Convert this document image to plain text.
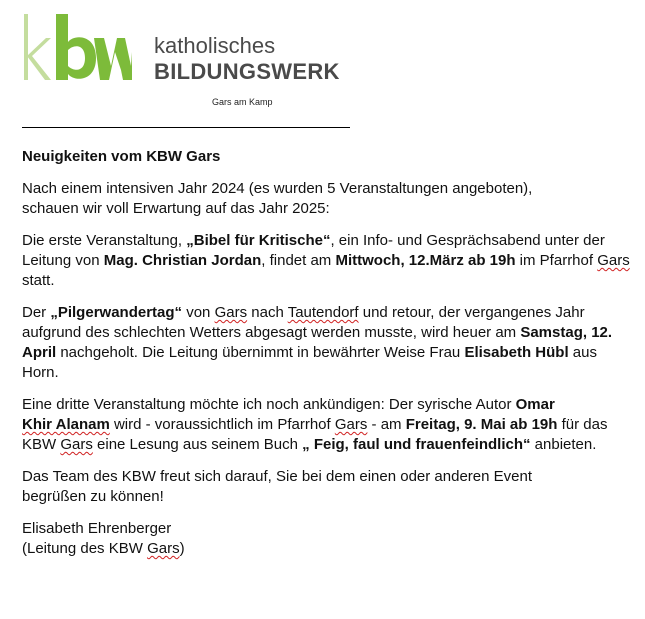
katholisches
BILDUNGSWERK
Gars am Kamp

Neuigkeiten vom KBW Gars

Nach einem intensiven Jahr 2024 (es wurden 5 Veranstaltungen angeboten),
schauen wir voll Erwartung auf das Jahr 2025:

Die erste Veranstaltung, „Bibel für Kritische“, ein Info- und Gesprächsabend unter der Leitung von Mag. Christian Jordan, findet am Mittwoch, 12.März ab 19h im Pfarrhof Gars statt.

Der „Pilgerwandertag“ von Gars nach Tautendorf und retour, der vergangenes Jahr aufgrund des schlechten Wetters abgesagt werden musste, wird heuer am Samstag, 12. April nachgeholt. Die Leitung übernimmt in bewährter Weise Frau Elisabeth Hübl aus Horn.

Eine dritte Veranstaltung möchte ich noch ankündigen: Der syrische Autor Omar
Khir Alanam wird - voraussichtlich im Pfarrhof Gars - am Freitag, 9. Mai ab 19h für das KBW Gars eine Lesung aus seinem Buch „ Feig, faul und frauenfeindlich“ anbieten.

Das Team des KBW freut sich darauf, Sie bei dem einen oder anderen Event
begrüßen zu können!

Elisabeth Ehrenberger
(Leitung des KBW Gars)
